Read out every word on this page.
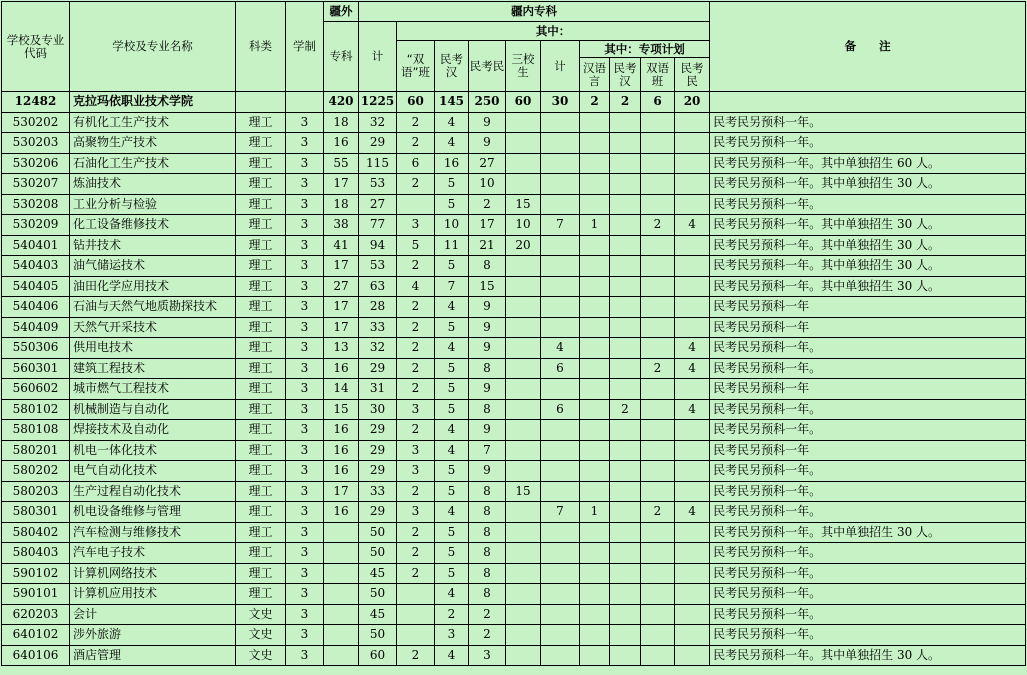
学校及专业代码	学校及专业名称	科类	学制	疆外	疆内专科										备　　注
				专科	计	其中：									
						“双语”班	民考汉	民考民	三校生	计	其中：专项计划				
											汉语言	民考汉	双语班	民考民	
12482	克拉玛依职业技术学院			420	1225	60	145	250	60	30	2	2	6	20	
530202	有机化工生产技术	理工	3	18	32	2	4	9							民考民另预科一年。
530203	高聚物生产技术	理工	3	16	29	2	4	9							民考民另预科一年。
530206	石油化工生产技术	理工	3	55	115	6	16	27							民考民另预科一年。其中单独招生 60 人。
530207	炼油技术	理工	3	17	53	2	5	10							民考民另预科一年。其中单独招生 30 人。
530208	工业分析与检验	理工	3	18	27		5	2	15						民考民另预科一年。
530209	化工设备维修技术	理工	3	38	77	3	10	17	10	7	1		2	4	民考民另预科一年。其中单独招生 30 人。
540401	钻井技术	理工	3	41	94	5	11	21	20						民考民另预科一年。其中单独招生 30 人。
540403	油气储运技术	理工	3	17	53	2	5	8							民考民另预科一年。其中单独招生 30 人。
540405	油田化学应用技术	理工	3	27	63	4	7	15							民考民另预科一年。其中单独招生 30 人。
540406	石油与天然气地质勘探技术	理工	3	17	28	2	4	9							民考民另预科一年
540409	天然气开采技术	理工	3	17	33	2	5	9							民考民另预科一年
550306	供用电技术	理工	3	13	32	2	4	9		4				4	民考民另预科一年。
560301	建筑工程技术	理工	3	16	29	2	5	8		6			2	4	民考民另预科一年。
560602	城市燃气工程技术	理工	3	14	31	2	5	9							民考民另预科一年
580102	机械制造与自动化	理工	3	15	30	3	5	8		6		2		4	民考民另预科一年。
580108	焊接技术及自动化	理工	3	16	29	2	4	9							民考民另预科一年。
580201	机电一体化技术	理工	3	16	29	3	4	7							民考民另预科一年
580202	电气自动化技术	理工	3	16	29	3	5	9							民考民另预科一年。
580203	生产过程自动化技术	理工	3	17	33	2	5	8	15						民考民另预科一年。
580301	机电设备维修与管理	理工	3	16	29	3	4	8		7	1		2	4	民考民另预科一年。
580402	汽车检测与维修技术	理工	3		50	2	5	8							民考民另预科一年。其中单独招生 30 人。
580403	汽车电子技术	理工	3		50	2	5	8							民考民另预科一年。
590102	计算机网络技术	理工	3		45	2	5	8							民考民另预科一年。
590101	计算机应用技术	理工	3		50		4	8							民考民另预科一年。
620203	会计	文史	3		45		2	2							民考民另预科一年。
640102	涉外旅游	文史	3		50		3	2							民考民另预科一年。
640106	酒店管理	文史	3		60	2	4	3							民考民另预科一年。其中单独招生 30 人。
